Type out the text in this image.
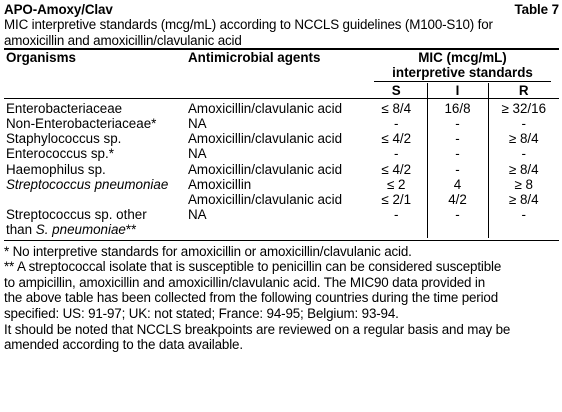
APO-Amoxy/Clav	Table 7
MIC interpretive standards (mcg/mL) according to NCCLS guidelines (M100-S10) for
amoxicillin and amoxicillin/clavulanic acid
Organisms	Antimicrobial agents	MIC (mcg/mL)
interpretive standards		

		S	I	R

Enterobacteriaceae	Amoxicillin/clavulanic acid	≤ 8/4	16/8	≥ 32/16
Non-Enterobacteriaceae*	NA	-	-	-
Staphylococcus sp.	Amoxicillin/clavulanic acid	≤ 4/2	-	≥ 8/4
Enterococcus sp.*	NA	-	-	-
Haemophilus sp.	Amoxicillin/clavulanic acid	≤ 4/2	-	≥ 8/4
Streptococcus pneumoniae	Amoxicillin	≤ 2	4	≥ 8
	Amoxicillin/clavulanic acid	≤ 2/1	4/2	≥ 8/4

Streptococcus sp. other
than S. pneumoniae**	NA	-	-	-

* No interpretive standards for amoxicillin or amoxicillin/clavulanic acid.

** A streptococcal isolate that is susceptible to penicillin can be considered susceptible

to ampicillin, amoxicillin and amoxicillin/clavulanic acid. The MIC90 data provided in

the above table has been collected from the following countries during the time period

specified: US: 91-97; UK: not stated; France: 94-95; Belgium: 93-94.

It should be noted that NCCLS breakpoints are reviewed on a regular basis and may be

amended according to the data available.
